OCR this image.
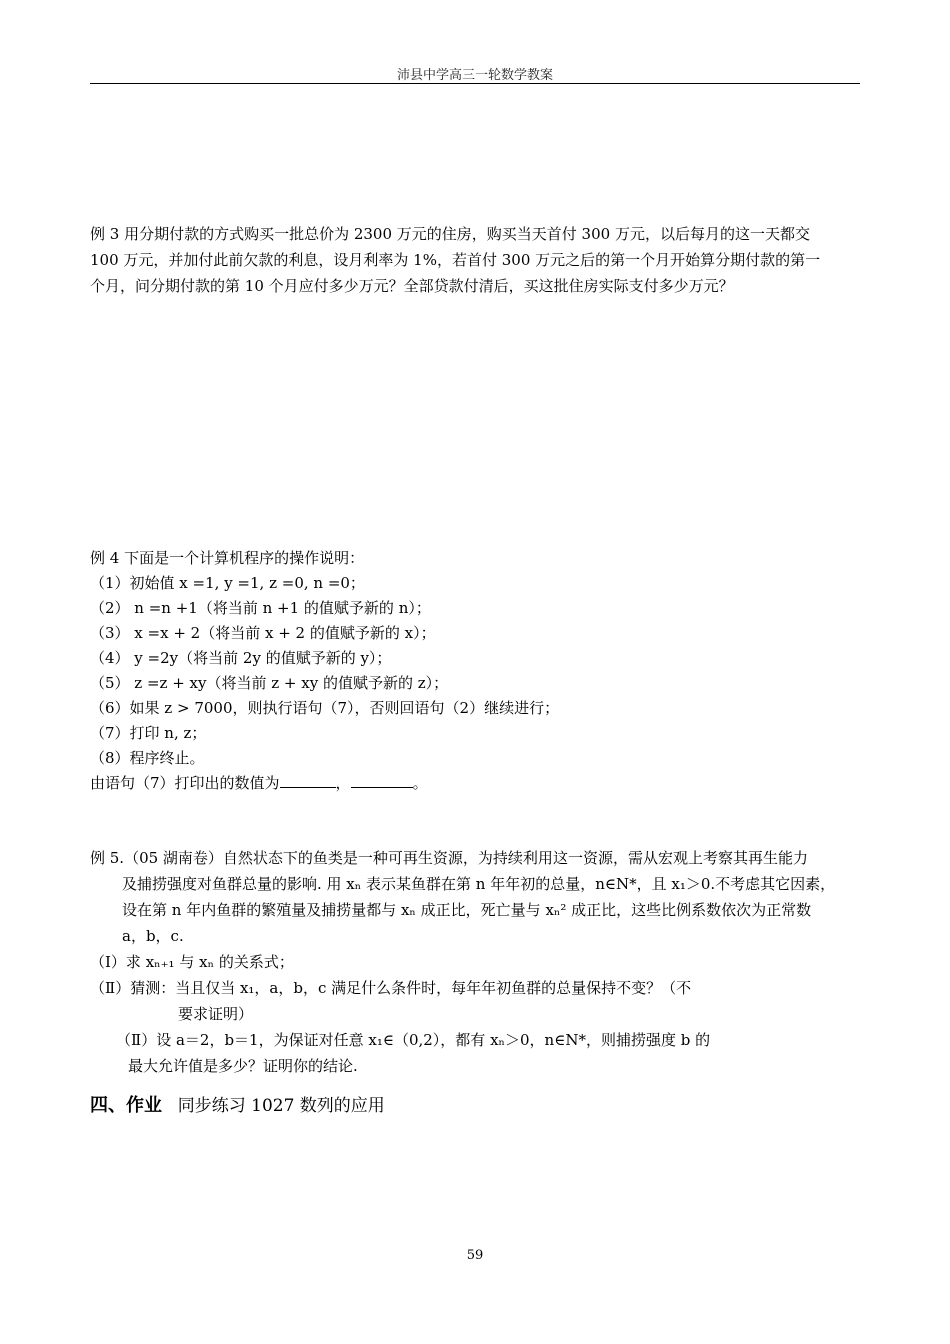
沛县中学高三一轮数学教案
例 3 用分期付款的方式购买一批总价为 2300 万元的住房，购买当天首付 300 万元，以后每月的这一天都交
100 万元，并加付此前欠款的利息，设月利率为 1%，若首付 300 万元之后的第一个月开始算分期付款的第一
个月，问分期付款的第 10 个月应付多少万元？全部贷款付清后，买这批住房实际支付多少万元？
例 4 下面是一个计算机程序的操作说明：
（1）初始值 x =1, y =1, z =0, n =0；
（2） n =n +1（将当前 n +1 的值赋予新的 n）；
（3） x =x + 2（将当前 x + 2 的值赋予新的 x）；
（4） y =2y（将当前 2y 的值赋予新的 y）；
（5） z =z + xy（将当前 z + xy 的值赋予新的 z）；
（6）如果 z > 7000，则执行语句（7），否则回语句（2）继续进行；
（7）打印 n, z；
（8）程序终止。
由语句（7）打印出的数值为	，	。
例 5.（05 湖南卷）自然状态下的鱼类是一种可再生资源，为持续利用这一资源，需从宏观上考察其再生能力
及捕捞强度对鱼群总量的影响. 用 xₙ 表示某鱼群在第 n 年年初的总量，n∈N*，且 x₁＞0.不考虑其它因素，
设在第 n 年内鱼群的繁殖量及捕捞量都与 xₙ 成正比，死亡量与 xₙ² 成正比，这些比例系数依次为正常数
a，b，c.
（Ⅰ）求 xₙ₊₁ 与 xₙ 的关系式；
（Ⅱ）猜测：当且仅当 x₁，a，b，c 满足什么条件时，每年年初鱼群的总量保持不变？（不
要求证明）
（Ⅱ）设 a＝2，b＝1，为保证对任意 x₁∈（0,2），都有 xₙ＞0，n∈N*，则捕捞强度 b 的
最大允许值是多少？证明你的结论.
四、作业 同步练习 1027 数列的应用
59
